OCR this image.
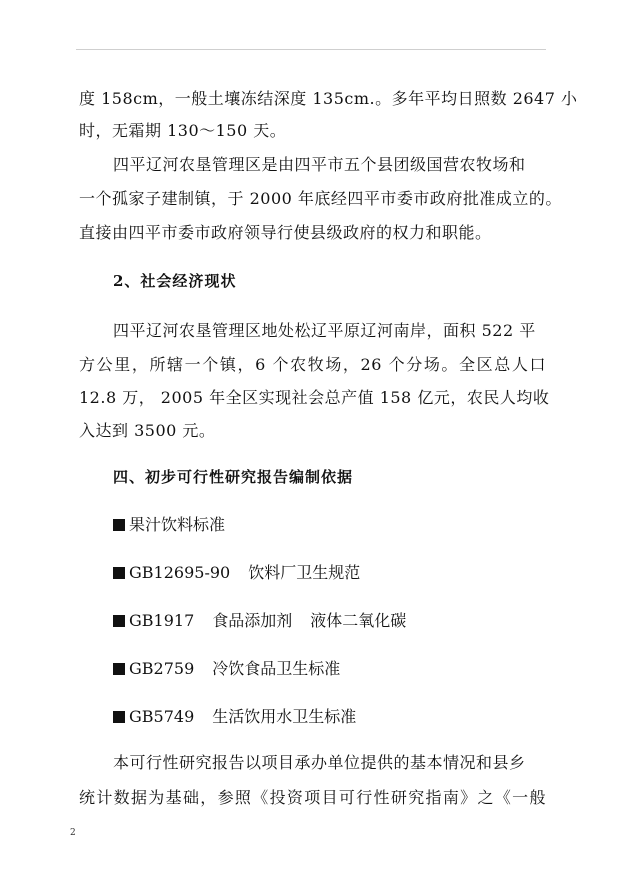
度 158cm，一般土壤冻结深度 135cm.。多年平均日照数 2647 小
时，无霜期 130～150 天。
四平辽河农垦管理区是由四平市五个县团级国营农牧场和
一个孤家子建制镇，于 2000 年底经四平市委市政府批准成立的。
直接由四平市委市政府领导行使县级政府的权力和职能。
2、社会经济现状
四平辽河农垦管理区地处松辽平原辽河南岸，面积 522 平
方公里，所辖一个镇，6 个农牧场，26 个分场。全区总人口
12.8 万， 2005 年全区实现社会总产值 158 亿元，农民人均收
入达到 3500 元。
四、初步可行性研究报告编制依据
果汁饮料标准
GB12695-90 饮料厂卫生规范
GB1917 食品添加剂 液体二氧化碳
GB2759 冷饮食品卫生标准
GB5749 生活饮用水卫生标准
本可行性研究报告以项目承办单位提供的基本情况和县乡
统计数据为基础，参照《投资项目可行性研究指南》之《一般
2
